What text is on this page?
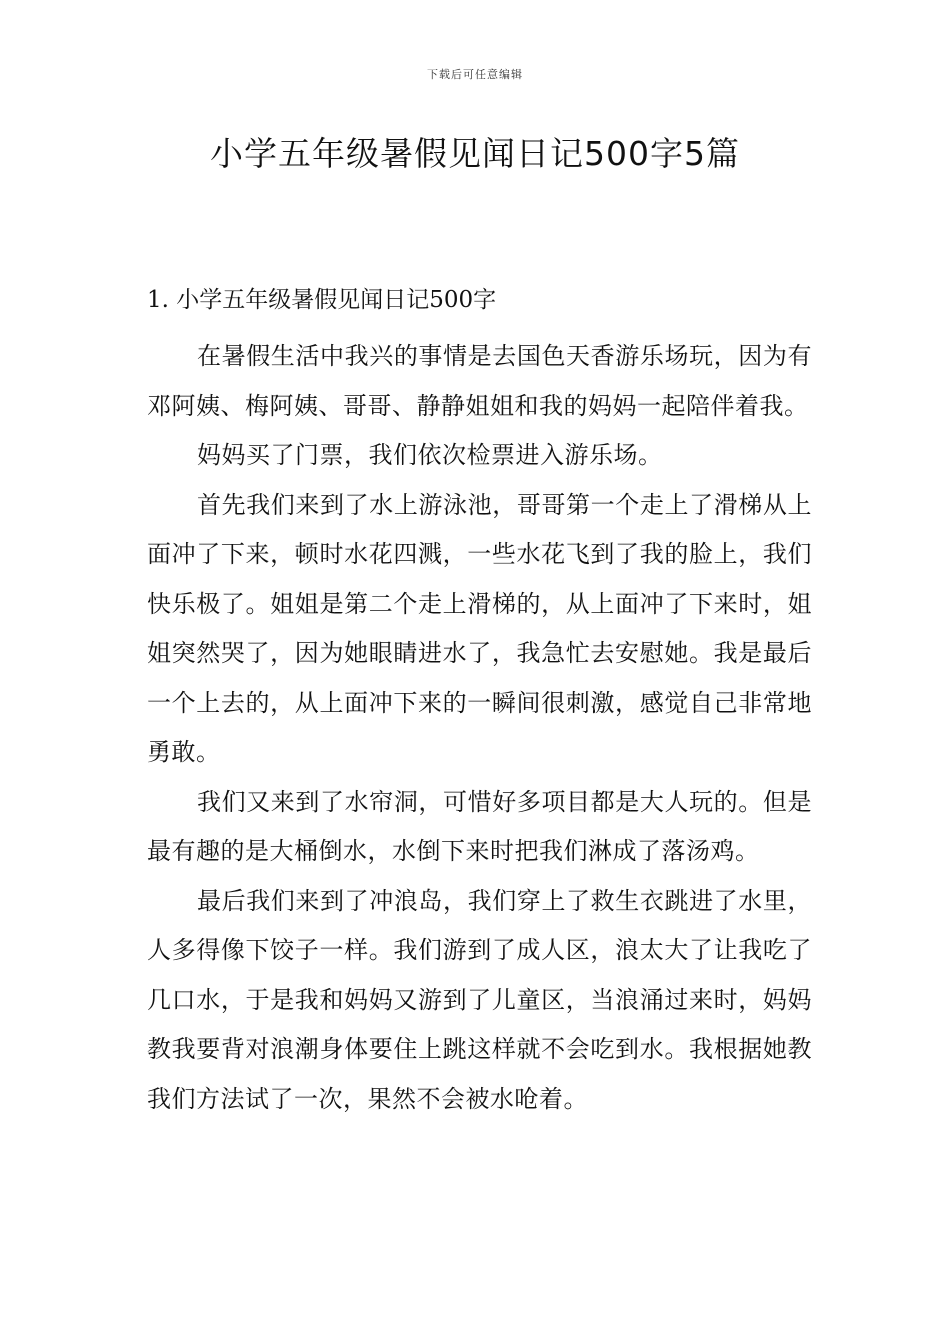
下载后可任意编辑
小学五年级暑假见闻日记500字5篇

1. 小学五年级暑假见闻日记500字

在暑假生活中我兴的事情是去国色天香游乐场玩，因为有邓阿姨、梅阿姨、哥哥、静静姐姐和我的妈妈一起陪伴着我。

妈妈买了门票，我们依次检票进入游乐场。

首先我们来到了水上游泳池，哥哥第一个走上了滑梯从上面冲了下来，顿时水花四溅，一些水花飞到了我的脸上，我们快乐极了。姐姐是第二个走上滑梯的，从上面冲了下来时，姐姐突然哭了，因为她眼睛进水了，我急忙去安慰她。我是最后一个上去的，从上面冲下来的一瞬间很刺激，感觉自己非常地勇敢。

我们又来到了水帘洞，可惜好多项目都是大人玩的。但是最有趣的是大桶倒水，水倒下来时把我们淋成了落汤鸡。

最后我们来到了冲浪岛，我们穿上了救生衣跳进了水里，人多得像下饺子一样。我们游到了成人区，浪太大了让我吃了几口水，于是我和妈妈又游到了儿童区，当浪涌过来时，妈妈教我要背对浪潮身体要住上跳这样就不会吃到水。我根据她教我们方法试了一次，果然不会被水呛着。
